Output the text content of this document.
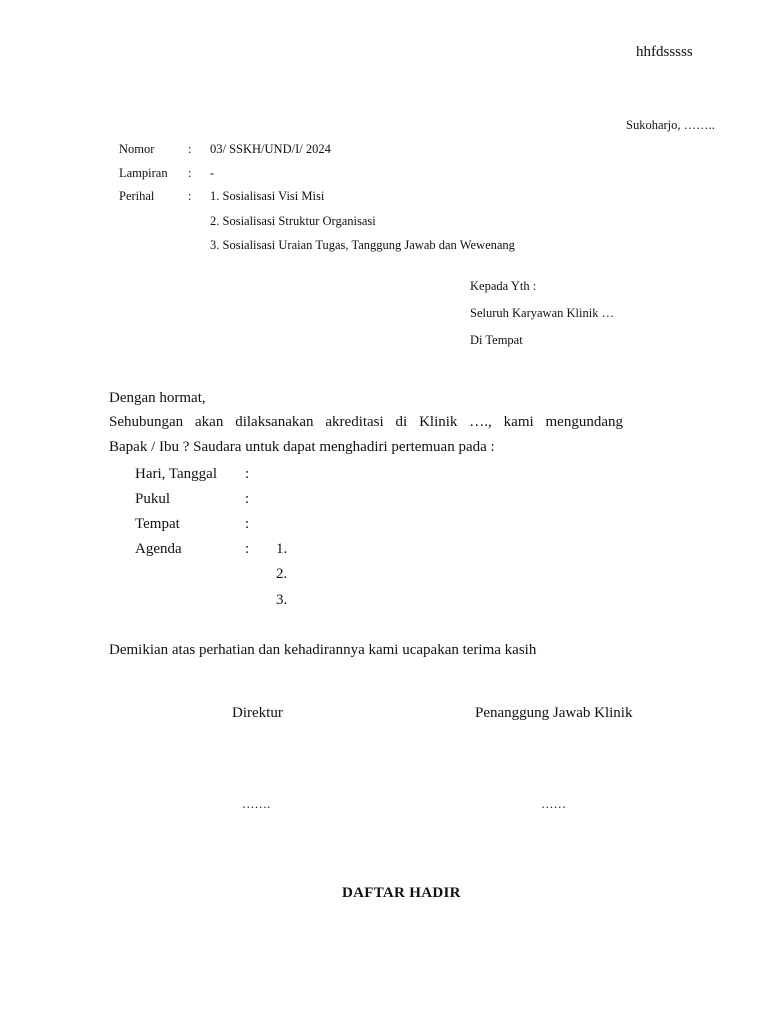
hhfdsssss
Sukoharjo, ……..
Nomor	: 03/ SSKH/UND/I/ 2024
Lampiran : -
Perihal	: 1. Sosialisasi Visi Misi
2. Sosialisasi Struktur Organisasi
3. Sosialisasi Uraian Tugas, Tanggung Jawab dan Wewenang
Kepada Yth :
Seluruh Karyawan Klinik …
Di Tempat
Dengan hormat,
Sehubungan akan dilaksanakan akreditasi di Klinik …., kami mengundang
Bapak / Ibu ? Saudara untuk dapat menghadiri pertemuan pada :
Hari, Tanggal :
Pukul	:
Tempat	:
Agenda	: 1.
2.
3.
Demikian atas perhatian dan kehadirannya kami ucapakan terima kasih
Direktur	Penanggung Jawab Klinik
…….	……
DAFTAR HADIR
